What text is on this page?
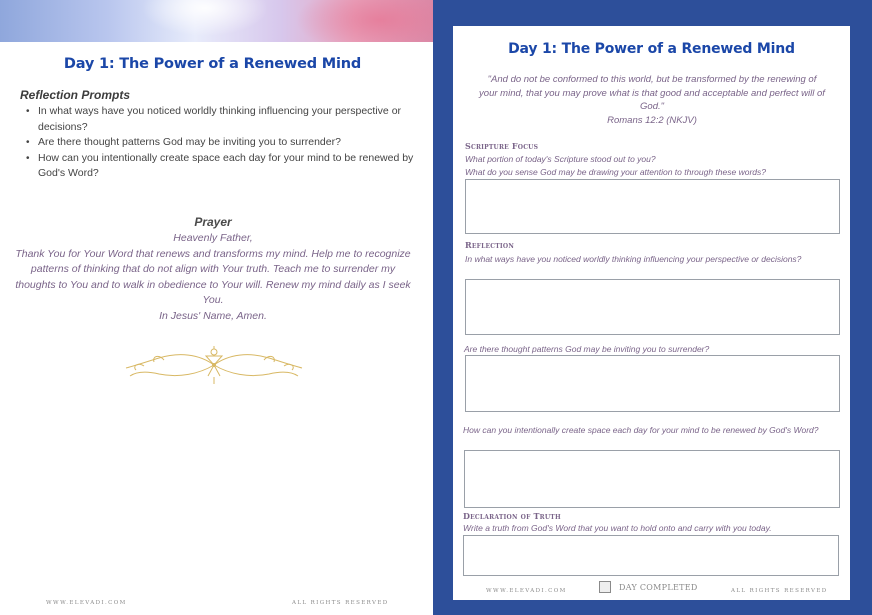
Day 1: The Power of a Renewed Mind
Reflection Prompts
• In what ways have you noticed worldly thinking influencing your perspective or decisions?
• Are there thought patterns God may be inviting you to surrender?
• How can you intentionally create space each day for your mind to be renewed by God's Word?
Prayer
Heavenly Father,
Thank You for Your Word that renews and transforms my mind. Help me to recognize patterns of thinking that do not align with Your truth. Teach me to surrender my thoughts to You and to walk in obedience to Your will. Renew my mind daily as I seek You.
In Jesus' Name, Amen.
WWW.ELEVADI.COM	ALL RIGHTS RESERVED
Day 1: The Power of a Renewed Mind
"And do not be conformed to this world, but be transformed by the renewing of your mind, that you may prove what is that good and acceptable and perfect will of God."
Romans 12:2 (NKJV)
Scripture Focus
What portion of today's Scripture stood out to you?
What do you sense God may be drawing your attention to through these words?
Reflection
In what ways have you noticed worldly thinking influencing your perspective or decisions?
Are there thought patterns God may be inviting you to surrender?
How can you intentionally create space each day for your mind to be renewed by God's Word?
Declaration of Truth
Write a truth from God's Word that you want to hold onto and carry with you today.
DAY COMPLETED
WWW.ELEVADI.COM	ALL RIGHTS RESERVED
